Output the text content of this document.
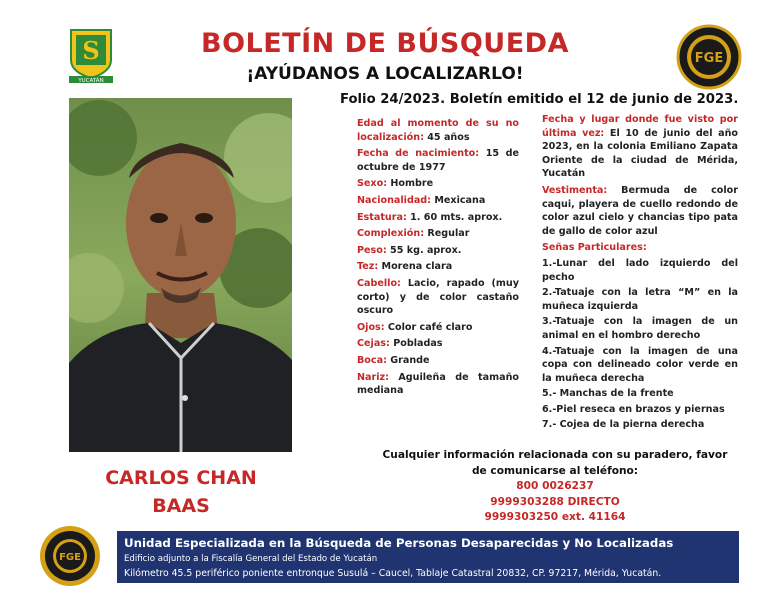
S
YUCATÁN
FGE
BOLETÍN DE BÚSQUEDA
¡AYÚDANOS A LOCALIZARLO!
Folio 24/2023. Boletín emitido el 12 de junio de 2023.
CARLOS CHAN
BAAS

Edad al momento de su no localización: 45 años

Fecha de nacimiento: 15 de octubre de 1977

Sexo: Hombre

Nacionalidad: Mexicana

Estatura: 1. 60 mts. aprox.

Complexión: Regular

Peso: 55 kg. aprox.

Tez: Morena clara

Cabello: Lacio, rapado (muy corto) y de color castaño oscuro

Ojos: Color café claro

Cejas: Pobladas

Boca: Grande

Nariz: Aguileña de tamaño mediana

Fecha y lugar donde fue visto por última vez: El 10 de junio del año 2023, en la colonia Emiliano Zapata Oriente de la ciudad de Mérida, Yucatán

Vestimenta: Bermuda de color caqui, playera de cuello redondo de color azul cielo y chancias tipo pata de gallo de color azul

Señas Particulares:

1.-Lunar del lado izquierdo del pecho

2.-Tatuaje con la letra “M” en la muñeca izquierda

3.-Tatuaje con la imagen de un animal en el hombro derecho

4.-Tatuaje con la imagen de una copa con delineado color verde en la muñeca derecha

5.- Manchas de la frente

6.-Piel reseca en brazos y piernas

7.- Cojea de la pierna derecha

Cualquier información relacionada con su paradero, favor
de comunicarse al teléfono:
800 0026237
9999303288 DIRECTO
9999303250 ext. 41164
FGE
Unidad Especializada en la Búsqueda de Personas Desaparecidas y No Localizadas
Edificio adjunto a la Fiscalía General del Estado de Yucatán
Kilómetro 45.5 periférico poniente entronque Susulá – Caucel, Tablaje Catastral 20832, CP. 97217, Mérida, Yucatán.
